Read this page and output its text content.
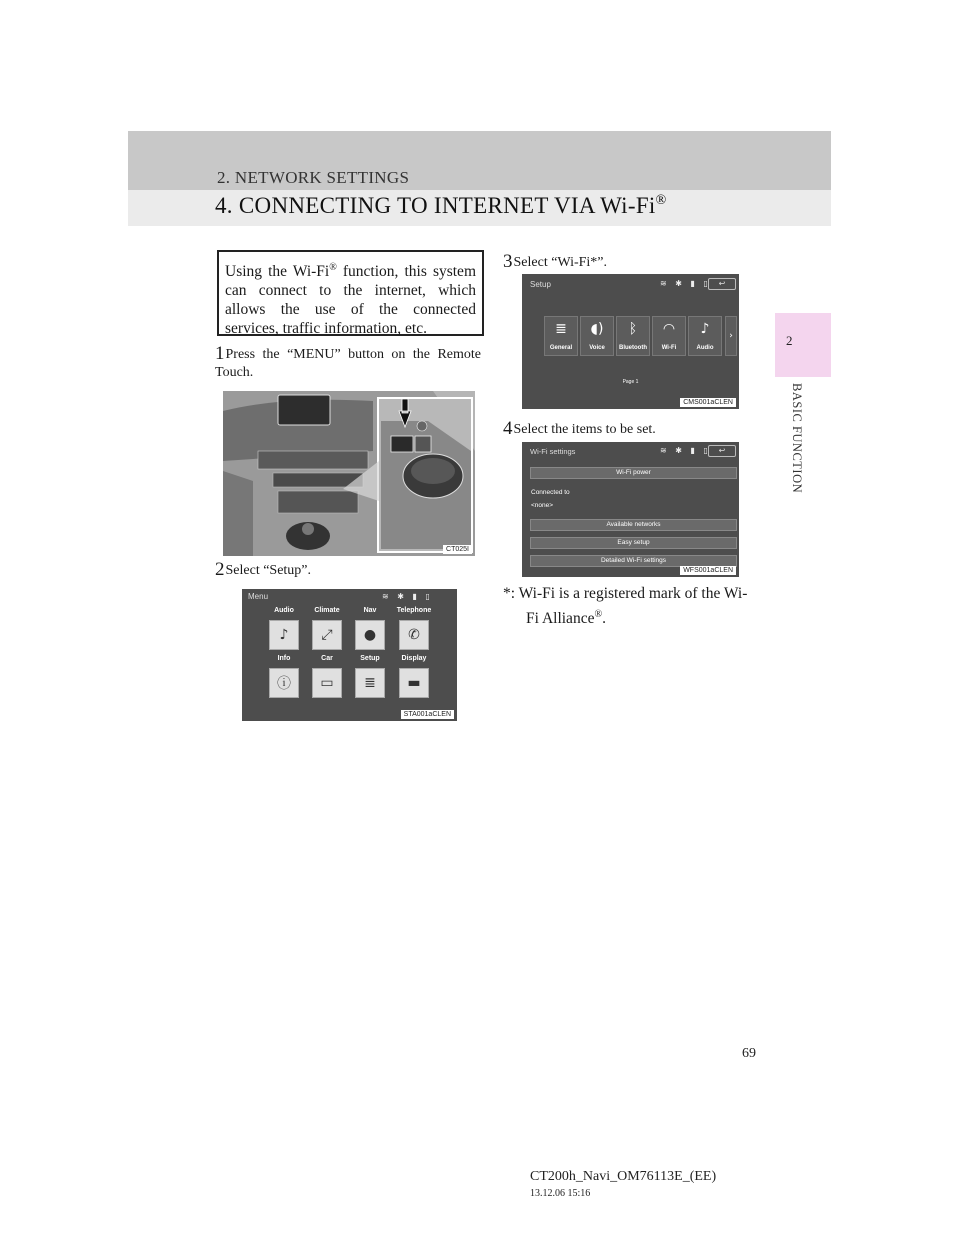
2. NETWORK SETTINGS
4. CONNECTING TO INTERNET VIA Wi-Fi®
2
BASIC FUNCTION
Using the Wi-Fi® function, this system can connect to the internet, which allows the use of the connected services, traffic information, etc.
1Press the “MENU” button on the Remote Touch.
2Select “Setup”.
3Select “Wi-Fi*”.
4Select the items to be set.
CT025I
Menu	≋ ✱ ▮ ▯
Audio	Climate	Nav	Telephone
♪	⤢	●	✆
Info	Car	Setup	Display
ⓘ	▭	≣	▬
STA001aCLEN
Setup	≋ ✱ ▮ ▯ ↩
≣
General
◖)
Voice
ᛒ
Bluetooth
◠
Wi-Fi
♪
Audio
›
Page 1
CMS001aCLEN
Wi-Fi settings	≋ ✱ ▮ ▯ ↩
Wi-Fi power
Connected to
<none>
Available networks
Easy setup
Detailed Wi-Fi settings
WFS001aCLEN
*: Wi-Fi is a registered mark of the Wi-
Fi Alliance®.
69
CT200h_Navi_OM76113E_(EE)
13.12.06 15:16
